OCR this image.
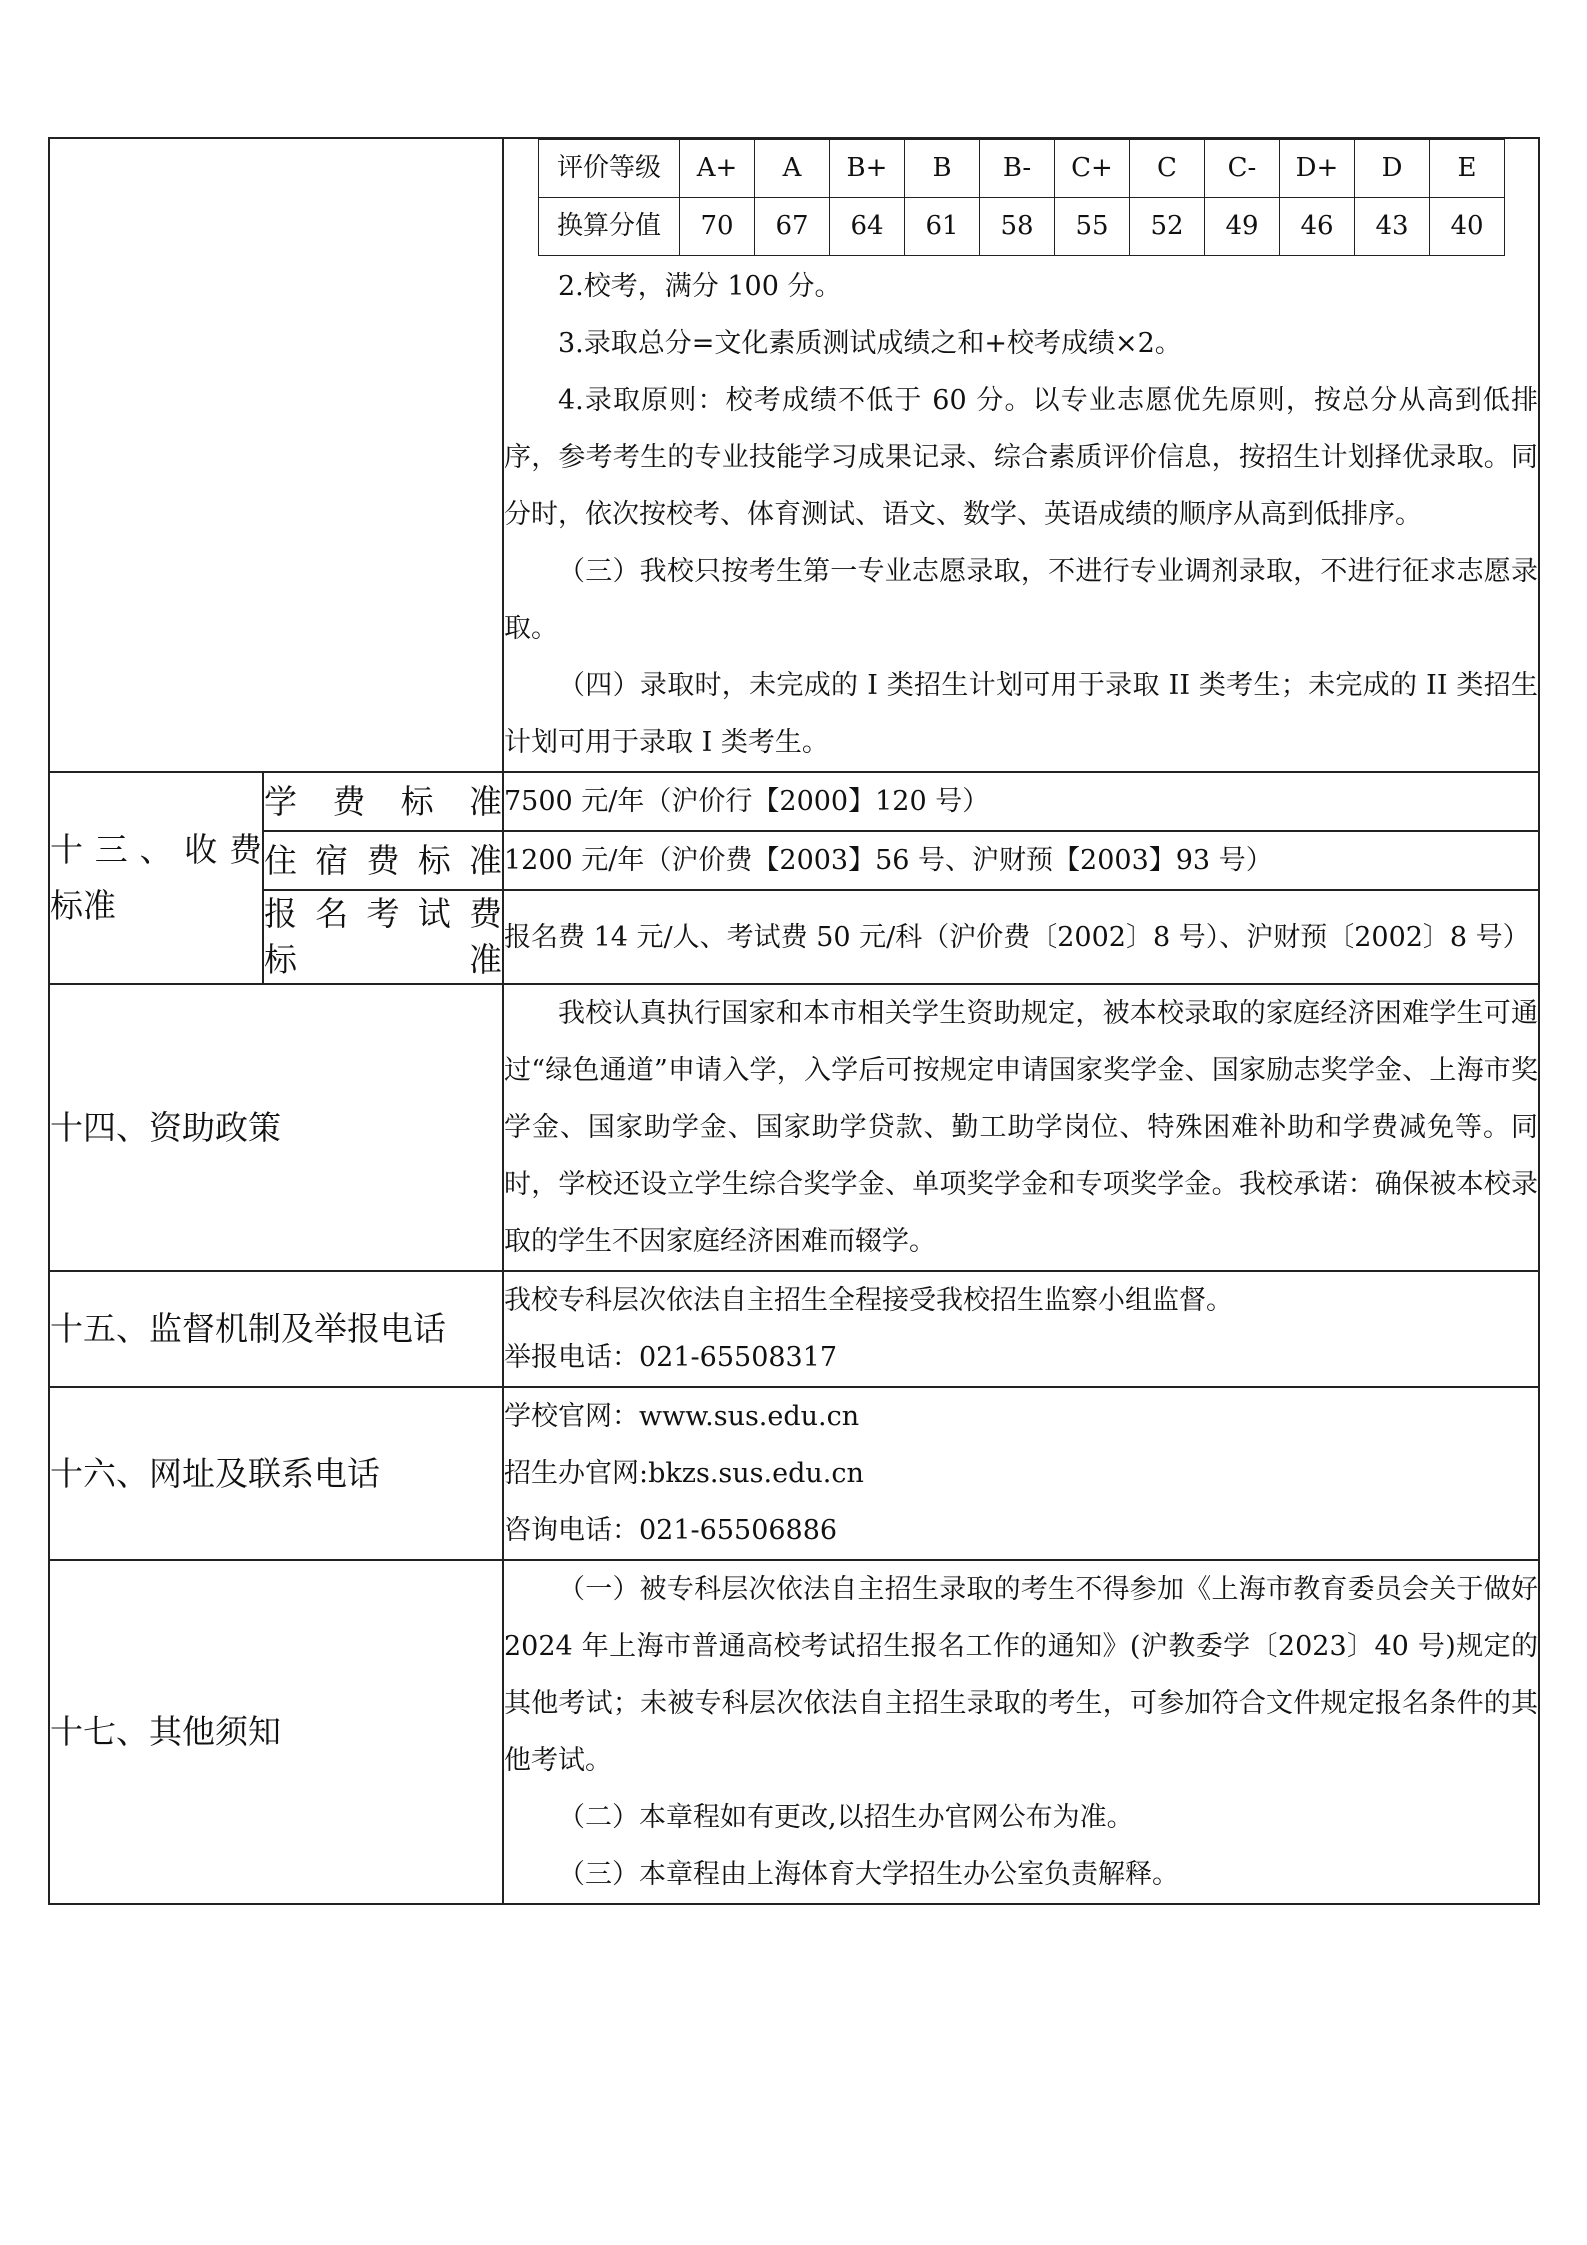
评价等级	A+	A	B+	B	B-	C+	C	C-	D+	D	E
换算分值	70	67	64	61	58	55	52	49	46	43	40

2.校考，满分 100 分。

3.录取总分=文化素质测试成绩之和+校考成绩×2。

4.录取原则：校考成绩不低于 60 分。以专业志愿优先原则，按总分从高到低排序，参考考生的专业技能学习成果记录、综合素质评价信息，按招生计划择优录取。同分时，依次按校考、体育测试、语文、数学、英语成绩的顺序从高到低排序。

（三）我校只按考生第一专业志愿录取，不进行专业调剂录取，不进行征求志愿录取。

（四）录取时，未完成的 I 类招生计划可用于录取 II 类考生；未完成的 II 类招生计划可用于录取 I 类考生。

十三、收费
标准

学费标准	7500 元/年（沪价行【2000】120 号）

住宿费标准	1200 元/年（沪价费【2003】56 号、沪财预【2003】93 号）

报名考试费
标准
	报名费 14 元/人、考试费 50 元/科（沪价费〔2002〕8 号）、沪财预〔2002〕8 号）
十四、资助政策	

我校认真执行国家和本市相关学生资助规定，被本校录取的家庭经济困难学生可通过“绿色通道”申请入学，入学后可按规定申请国家奖学金、国家励志奖学金、上海市奖学金、国家助学金、国家助学贷款、勤工助学岗位、特殊困难补助和学费减免等。同时，学校还设立学生综合奖学金、单项奖学金和专项奖学金。我校承诺：确保被本校录取的学生不因家庭经济困难而辍学。

十五、监督机制及举报电话	

我校专科层次依法自主招生全程接受我校招生监察小组监督。

举报电话：021-65508317

十六、网址及联系电话	

学校官网：www.sus.edu.cn

招生办官网:bkzs.sus.edu.cn

咨询电话：021-65506886

十七、其他须知	

（一）被专科层次依法自主招生录取的考生不得参加《上海市教育委员会关于做好 2024 年上海市普通高校考试招生报名工作的通知》(沪教委学〔2023〕40 号)规定的其他考试；未被专科层次依法自主招生录取的考生，可参加符合文件规定报名条件的其他考试。

（二）本章程如有更改,以招生办官网公布为准。

（三）本章程由上海体育大学招生办公室负责解释。
